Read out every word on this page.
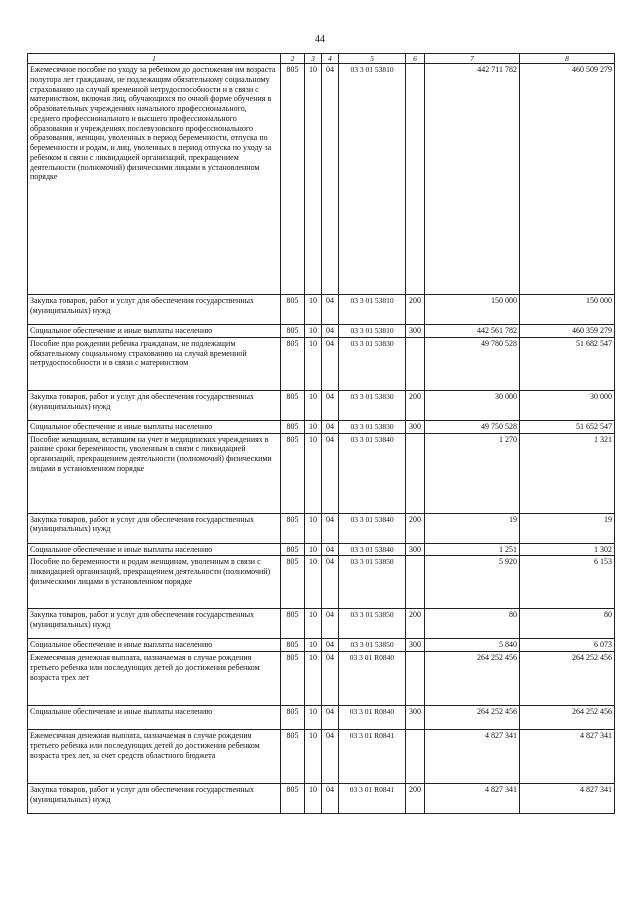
44
1	2	3	4	5	6	7	8
Ежемесячное пособие по уходу за ребенком до достижения им возраста полутора лет гражданам, не подлежащим обязательному социальному страхованию на случай временной нетрудоспособности и в связи с материнством, включая лиц, обучающихся по очной форме обучения в образовательных учреждениях начального профессионального, среднего профессионального и высшего профессионального образования и учреждениях послевузовского профессионального образования, женщин, уволенных в период беременности, отпуска по беременности и родам, и лиц, уволенных в период отпуска по уходу за ребенком в связи с ликвидацией организаций, прекращением деятельности (полномочий) физическими лицами в установленном порядке	805	10	04	03 3 01 53810		442 711 782	460 509 279
Закупка товаров, работ и услуг для обеспечения государственных (муниципальных) нужд	805	10	04	03 3 01 53810	200	150 000	150 000
Социальное обеспечение и иные выплаты населению	805	10	04	03 3 01 53810	300	442 561 782	460 359 279
Пособие при рождении ребенка гражданам, не подлежащим обязательному социальному страхованию на случай временной нетрудоспособности и в связи с материнством	805	10	04	03 3 01 53830		49 780 528	51 682 547
Закупка товаров, работ и услуг для обеспечения государственных (муниципальных) нужд	805	10	04	03 3 01 53830	200	30 000	30 000
Социальное обеспечение и иные выплаты населению	805	10	04	03 3 01 53830	300	49 750 528	51 652 547
Пособие женщинам, вставшим на учет в медицинских учреждениях в ранние сроки беременности, уволенным в связи с ликвидацией организаций, прекращением деятельности (полномочий) физическими лицами в установленном порядке	805	10	04	03 3 01 53840		1 270	1 321
Закупка товаров, работ и услуг для обеспечения государственных (муниципальных) нужд	805	10	04	03 3 01 53840	200	19	19
Социальное обеспечение и иные выплаты населению	805	10	04	03 3 01 53840	300	1 251	1 302
Пособие по беременности и родам женщинам, уволенным в связи с ликвидацией организаций, прекращением деятельности (полномочий) физическими лицами в установленном порядке	805	10	04	03 3 01 53850		5 920	6 153
Закупка товаров, работ и услуг для обеспечения государственных (муниципальных) нужд	805	10	04	03 3 01 53850	200	80	80
Социальное обеспечение и иные выплаты населению	805	10	04	03 3 01 53850	300	5 840	6 073
Ежемесячная денежная выплата, назначаемая в случае рождения третьего ребенка или последующих детей до достижения ребенком возраста трех лет	805	10	04	03 3 01 R0840		264 252 456	264 252 456
Социальное обеспечение и иные выплаты населению	805	10	04	03 3 01 R0840	300	264 252 456	264 252 456
Ежемесячная денежная выплата, назначаемая в случае рождения третьего ребенка или последующих детей до достижения ребенком возраста трех лет, за счет средств областного бюджета	805	10	04	03 3 01 R0841		4 827 341	4 827 341
Закупка товаров, работ и услуг для обеспечения государственных (муниципальных) нужд	805	10	04	03 3 01 R0841	200	4 827 341	4 827 341
